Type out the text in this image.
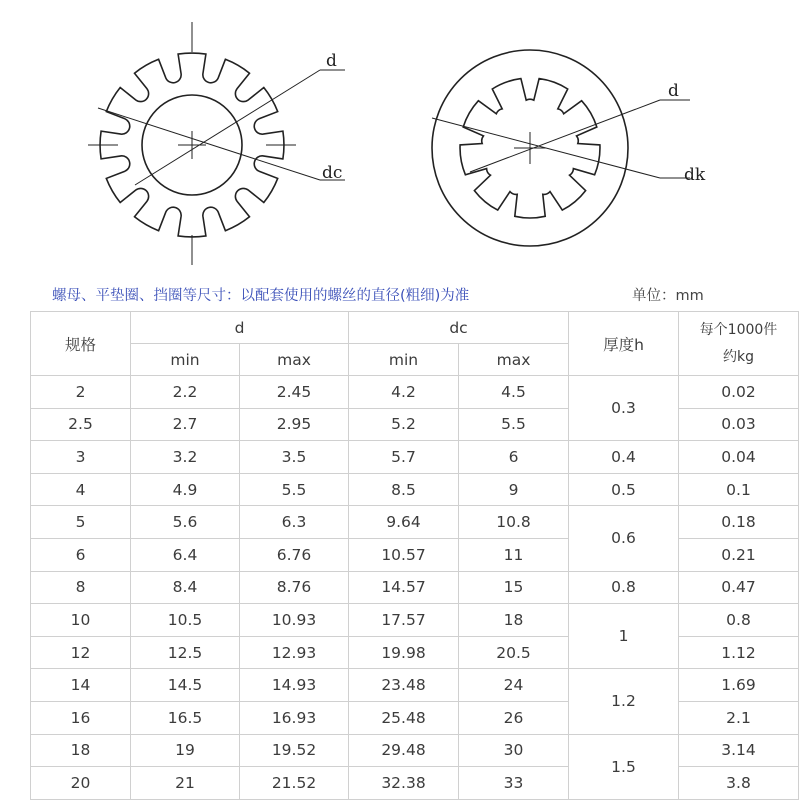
d
dc
d
dk
螺母、平垫圈、挡圈等尺寸：以配套使用的螺丝的直径(粗细)为准	单位：mm
规格	d		dc		厚度h	每个1000件
约kg
	min	max	min	max		
2	2.2	2.45	4.2	4.5	0.3	0.02
2.5	2.7	2.95	5.2	5.5		0.03
3	3.2	3.5	5.7	6	0.4	0.04
4	4.9	5.5	8.5	9	0.5	0.1
5	5.6	6.3	9.64	10.8	0.6	0.18
6	6.4	6.76	10.57	11		0.21
8	8.4	8.76	14.57	15	0.8	0.47
10	10.5	10.93	17.57	18	1	0.8
12	12.5	12.93	19.98	20.5		1.12
14	14.5	14.93	23.48	24	1.2	1.69
16	16.5	16.93	25.48	26		2.1
18	19	19.52	29.48	30	1.5	3.14
20	21	21.52	32.38	33		3.8
